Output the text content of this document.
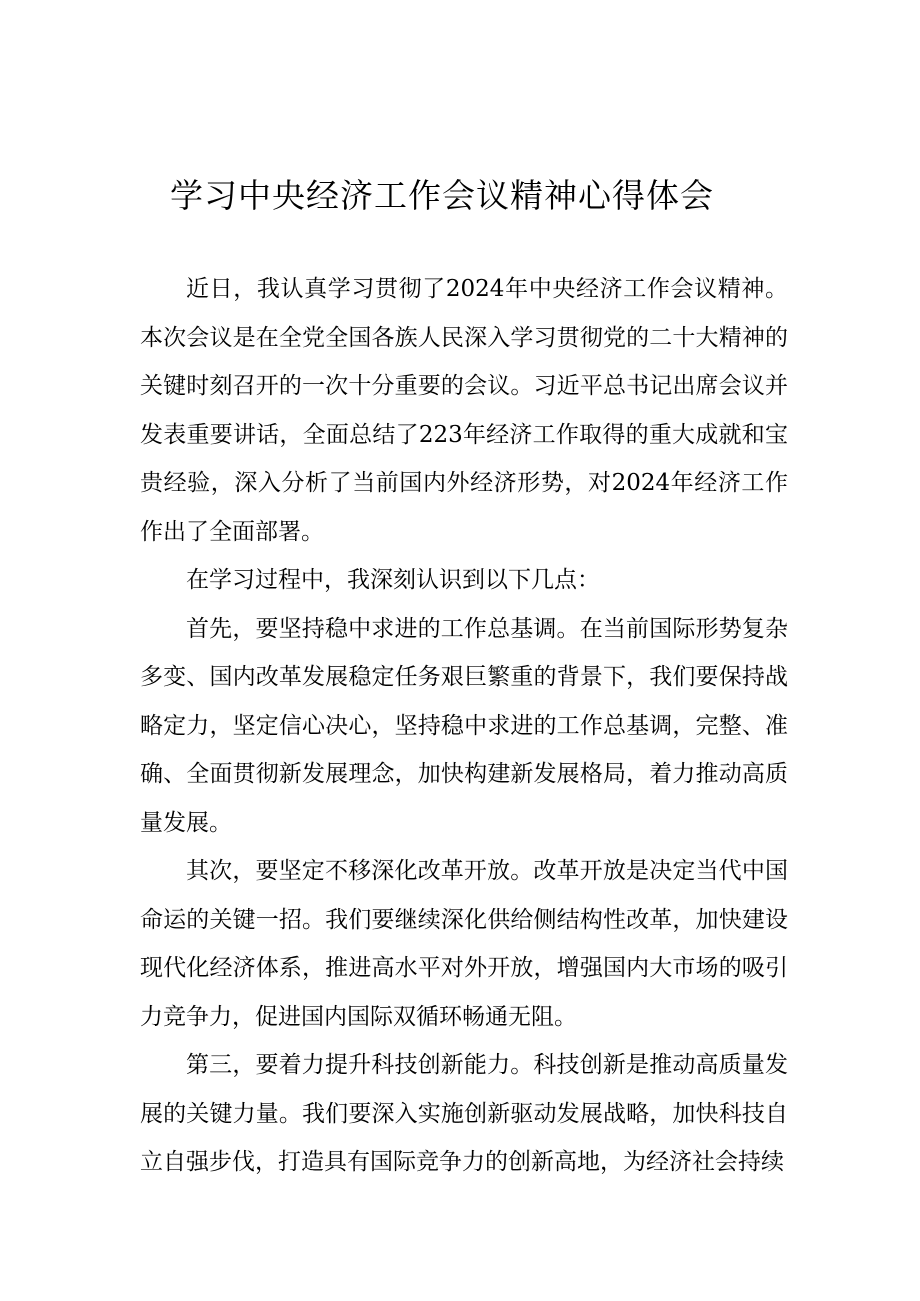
学习中央经济工作会议精神心得体会

近日，我认真学习贯彻了2024年中央经济工作会议精神。本次会议是在全党全国各族人民深入学习贯彻党的二十大精神的关键时刻召开的一次十分重要的会议。习近平总书记出席会议并发表重要讲话，全面总结了223年经济工作取得的重大成就和宝贵经验，深入分析了当前国内外经济形势，对2024年经济工作作出了全面部署。

在学习过程中，我深刻认识到以下几点：

首先，要坚持稳中求进的工作总基调。在当前国际形势复杂多变、国内改革发展稳定任务艰巨繁重的背景下，我们要保持战略定力，坚定信心决心，坚持稳中求进的工作总基调，完整、准确、全面贯彻新发展理念，加快构建新发展格局，着力推动高质量发展。

其次，要坚定不移深化改革开放。改革开放是决定当代中国命运的关键一招。我们要继续深化供给侧结构性改革，加快建设现代化经济体系，推进高水平对外开放，增强国内大市场的吸引力竞争力，促进国内国际双循环畅通无阻。

第三，要着力提升科技创新能力。科技创新是推动高质量发展的关键力量。我们要深入实施创新驱动发展战略，加快科技自立自强步伐，打造具有国际竞争力的创新高地，为经济社会持续
